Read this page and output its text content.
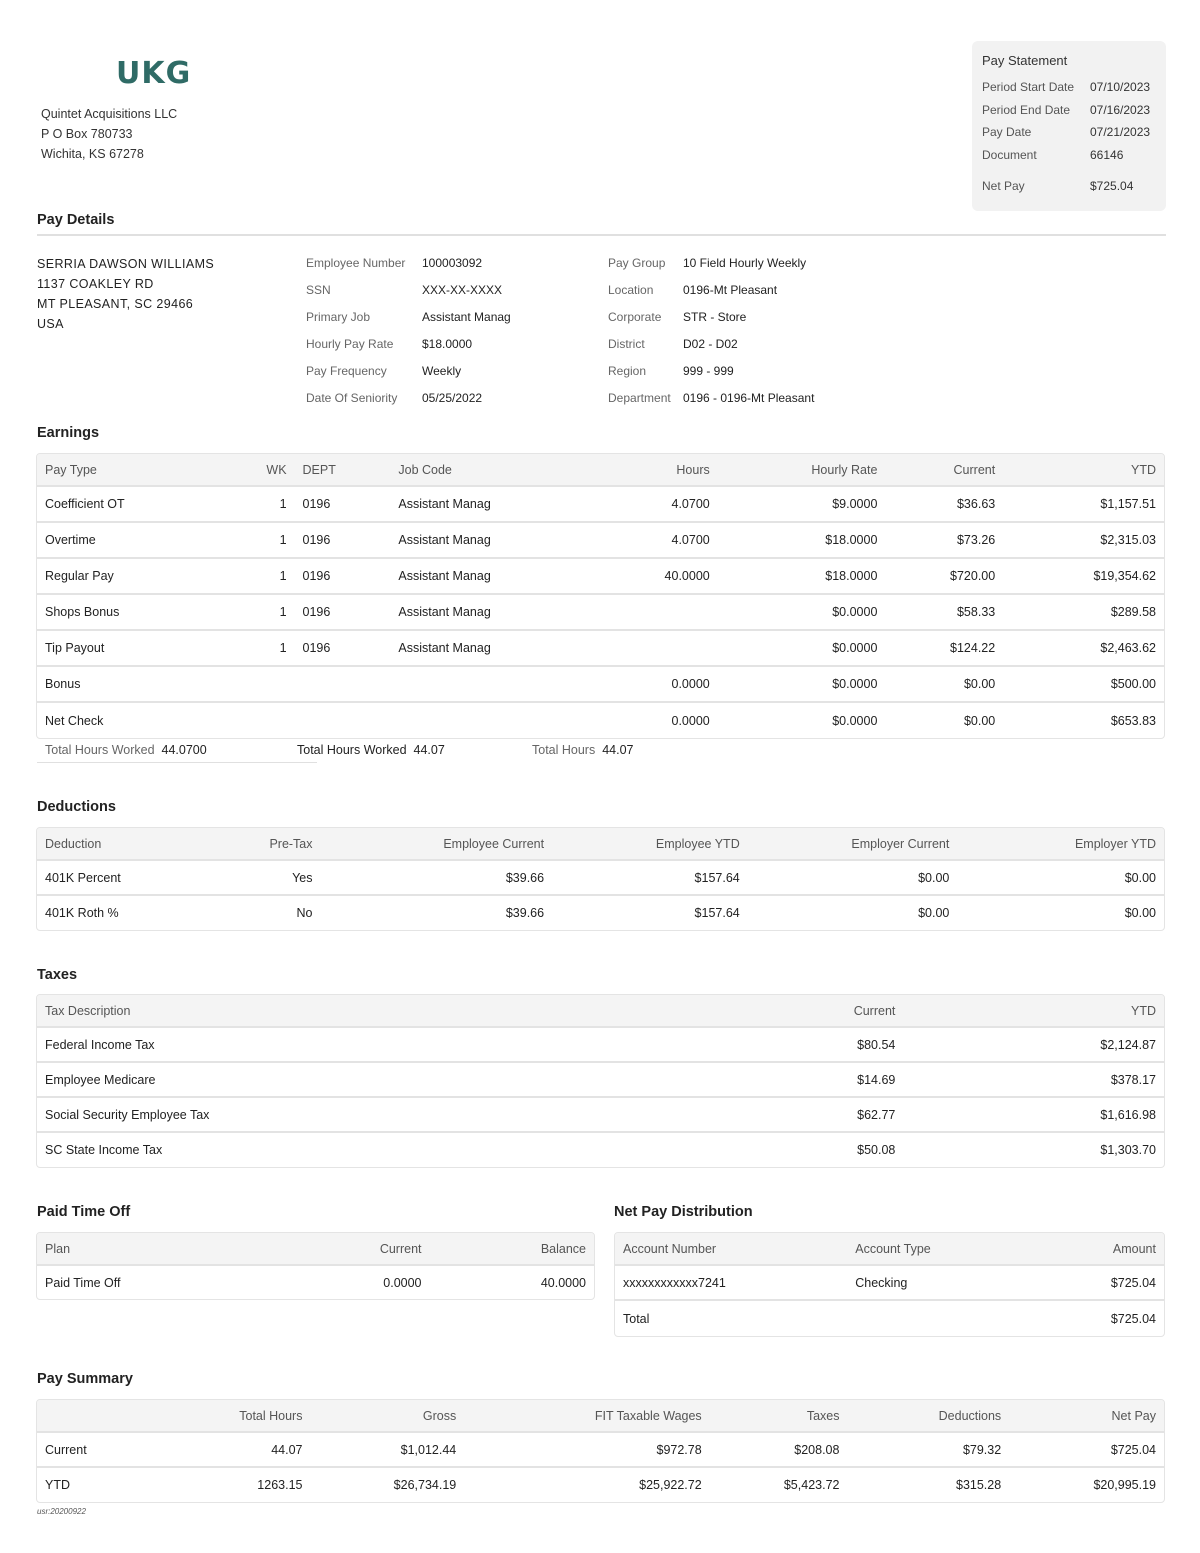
UKG
Quintet Acquisitions LLC
P O Box 780733
Wichita, KS 67278
Pay Statement
Period Start Date	07/10/2023
Period End Date	07/16/2023
Pay Date	07/21/2023
Document	66146
Net Pay	$725.04
Pay Details
SERRIA DAWSON WILLIAMS
1137 COAKLEY RD
MT PLEASANT, SC 29466
USA
Employee Number	100003092
SSN	XXX-XX-XXXX
Primary Job	Assistant Manag
Hourly Pay Rate	$18.0000
Pay Frequency	Weekly
Date Of Seniority	05/25/2022
Pay Group	10 Field Hourly Weekly
Location	0196-Mt Pleasant
Corporate	STR - Store
District	D02 - D02
Region	999 - 999
Department	0196 - 0196-Mt Pleasant
Earnings
Pay Type	WK	DEPT	Job Code	Hours	Hourly Rate	Current	YTD
Coefficient OT	1	0196	Assistant Manag	4.0700	$9.0000	$36.63	$1,157.51
Overtime	1	0196	Assistant Manag	4.0700	$18.0000	$73.26	$2,315.03
Regular Pay	1	0196	Assistant Manag	40.0000	$18.0000	$720.00	$19,354.62
Shops Bonus	1	0196	Assistant Manag		$0.0000	$58.33	$289.58
Tip Payout	1	0196	Assistant Manag		$0.0000	$124.22	$2,463.62
Bonus				0.0000	$0.0000	$0.00	$500.00
Net Check				0.0000	$0.0000	$0.00	$653.83
Total Hours Worked 44.0700	Total Hours Worked 44.07	Total Hours 44.07
Deductions
Deduction	Pre-Tax	Employee Current	Employee YTD	Employer Current	Employer YTD
401K Percent	Yes	$39.66	$157.64	$0.00	$0.00
401K Roth %	No	$39.66	$157.64	$0.00	$0.00
Taxes
Tax Description	Current	YTD
Federal Income Tax	$80.54	$2,124.87
Employee Medicare	$14.69	$378.17
Social Security Employee Tax	$62.77	$1,616.98
SC State Income Tax	$50.08	$1,303.70
Paid Time Off
Plan	Current	Balance
Paid Time Off	0.0000	40.0000
Net Pay Distribution
Account Number	Account Type	Amount
xxxxxxxxxxxx7241	Checking	$725.04
Total		$725.04
Pay Summary
	Total Hours	Gross	FIT Taxable Wages	Taxes	Deductions	Net Pay
Current	44.07	$1,012.44	$972.78	$208.08	$79.32	$725.04
YTD	1263.15	$26,734.19	$25,922.72	$5,423.72	$315.28	$20,995.19
usr:20200922
